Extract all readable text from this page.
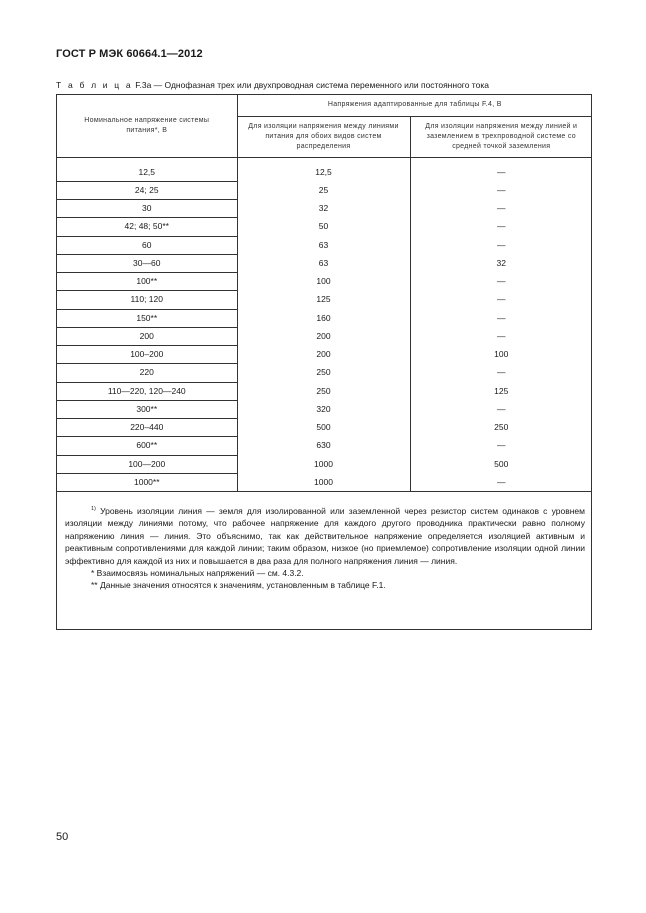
ГОСТ Р МЭК 60664.1—2012
Т а б л и ц а F.3a — Однофазная трех или двухпроводная система переменного или постоянного тока
Номинальное напряжение системы питания*, В	Напряжения адаптированные для таблицы F.4, В	
	Для изоляции напряжения между линиями питания для обоих видов систем распределения	Для изоляции напряжения между линией и заземлением в трехпроводной системе со средней точкой заземления

12,5	12,5	—
24; 25	25	—
30	32	—
42; 48; 50**	50	—
60	63	—
30—60	63	32
100**	100	—
110; 120	125	—
150**	160	—
200	200	—
100–200	200	100
220	250	—
110—220, 120—240	250	125
300**	320	—
220–440	500	250
600**	630	—
100—200	1000	500
1000**	1000	—

$^{1)}$ Уровень изоляции линия — земля для изолированной или заземленной через резистор систем одинаков с уровнем изоляции между линиями потому, что рабочее напряжение для каждого другого проводника практически равно полному напряжению линия — линия. Это объяснимо, так как действительное напряжение определяется изоляцией активным и реактивным сопротивлениями для каждой линии; таким образом, низкое (но приемлемое) сопротивление изоляции одной линии эффективно для каждой из них и повышается в два раза для полного напряжения линия — линия.

* Взаимосвязь номинальных напряжений — см. 4.3.2.

** Данные значения относятся к значениям, установленным в таблице F.1.

50
